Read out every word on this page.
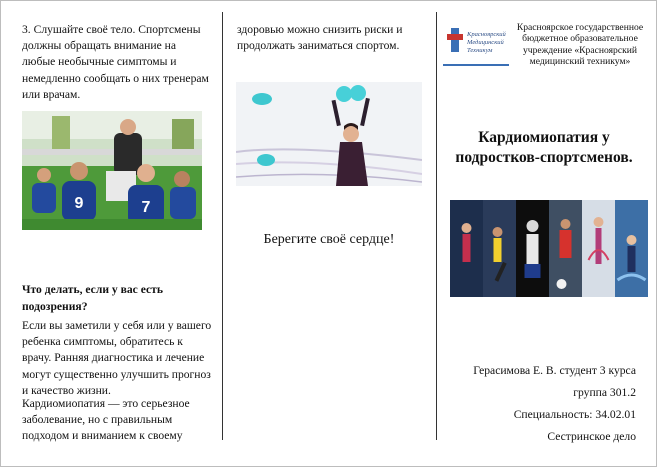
3. Слушайте своё тело. Спортсмены должны обращать внимание на любые необычные симптомы и немедленно сообщать о них тренерам или врачам.

9	7

Что делать, если у вас есть подозрения?

Если вы заметили у себя или у вашего ребенка симптомы, обратитесь к врачу. Ранняя диагностика и лечение могут существенно улучшить прогноз и качество жизни.

Кардиомиопатия — это серьезное заболевание, но с правильным подходом и вниманием к своему

здоровью можно снизить риски и продолжать заниматься спортом.

Берегите своё сердце!
Красноярский
Медицинский
Техникум
Красноярское государственное бюджетное образовательное учреждение «Красноярский медицинский техникум»
Кардиомиопатия у подростков-спортсменов.
Герасимова Е. В. студент 3 курса
группа 301.2
Специальность: 34.02.01
Сестринское дело
